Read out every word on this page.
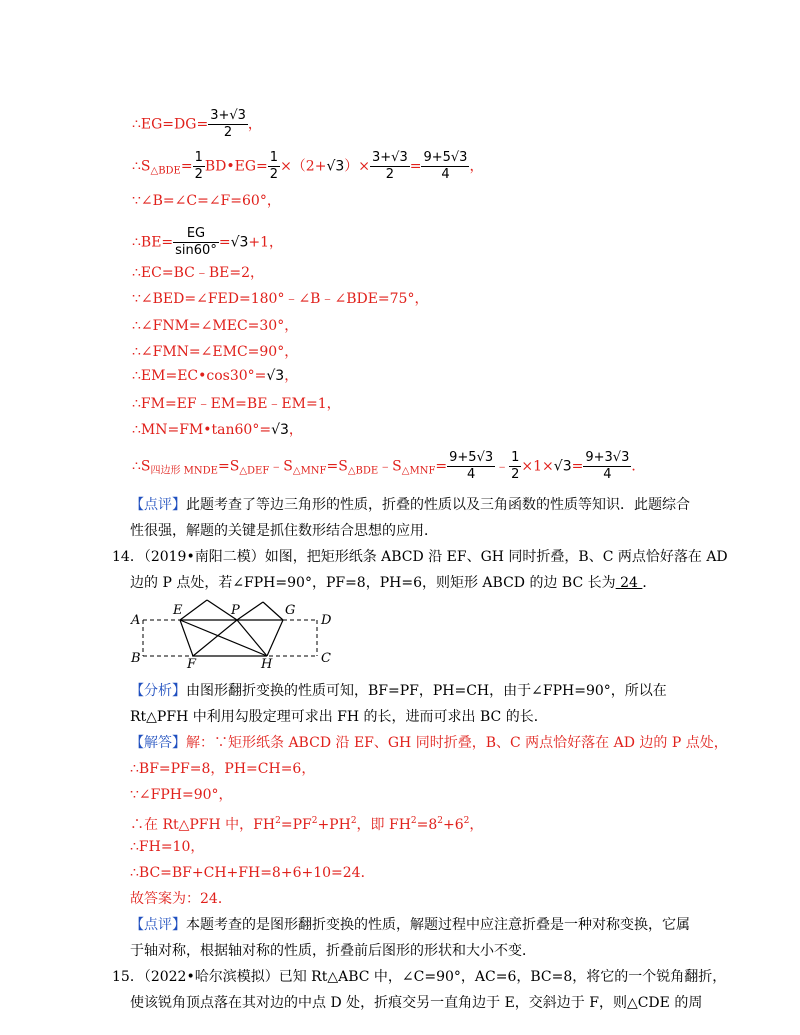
∴EG=DG= $\frac{3+√3}{2}$ ，
$\therefore S_{\triangle BDE}= \frac{1}{2}$ BD•EG= $\frac{1}{2} \times(2+√3)\times \frac{3+√3}{2} = \frac{9+5√3}{4}$ ，
∵∠B=∠C=∠F=60°，
∴BE= $\frac{EG}{\sin 60^\circ} =√3+1$，
∴EC=BC﹣BE=2，
∵∠BED=∠FED=180°﹣∠B﹣∠BDE=75°，
∴∠FNM=∠MEC=30°，
∴∠FMN=∠EMC=90°，
∴EM=EC•cos30°=√3，
∴FM=EF﹣EM=BE﹣EM=1，
∴MN=FM•tan60°=√3，
$\therefore S_{四边形 MNDE}=S_{\triangle DEF}﹣S_{\triangle MNF}=S_{\triangle BDE}﹣S_{\triangle MNF}= \frac{9+5√3}{4}$ ﹣ $\frac{1}{2} \times 1\times√3= \frac{9+3√3}{4}$ ．
【点评】此题考查了等边三角形的性质，折叠的性质以及三角函数的性质等知识．此题综合
性很强，解题的关键是抓住数形结合思想的应用．
14．（2019•南阳二模）如图，把矩形纸条 ABCD 沿 EF、GH 同时折叠，B、C 两点恰好落在 AD
边的 P 点处，若∠FPH=90°，PF=8，PH=6，则矩形 ABCD 的边 BC 长为 24 ．
A
E	P	G
D
B	F	H	C
【分析】由图形翻折变换的性质可知，BF=PF，PH=CH，由于∠FPH=90°，所以在
Rt△PFH 中利用勾股定理可求出 FH 的长，进而可求出 BC 的长．
【解答】解：∵矩形纸条 ABCD 沿 EF、GH 同时折叠，B、C 两点恰好落在 AD 边的 P 点处，
∴BF=PF=8，PH=CH=6，
∵∠FPH=90°，
∴在 Rt△PFH 中，$FH^2=PF^2+PH^2$，即 $FH^2=8^2+6^2$，
∴FH=10，
∴BC=BF+CH+FH=8+6+10=24．
故答案为：24．
【点评】本题考查的是图形翻折变换的性质，解题过程中应注意折叠是一种对称变换，它属
于轴对称，根据轴对称的性质，折叠前后图形的形状和大小不变．
15．（2022•哈尔滨模拟）已知 Rt△ABC 中，∠C=90°，AC=6，BC=8，将它的一个锐角翻折，
使该锐角顶点落在其对边的中点 D 处，折痕交另一直角边于 E，交斜边于 F，则△CDE 的周
